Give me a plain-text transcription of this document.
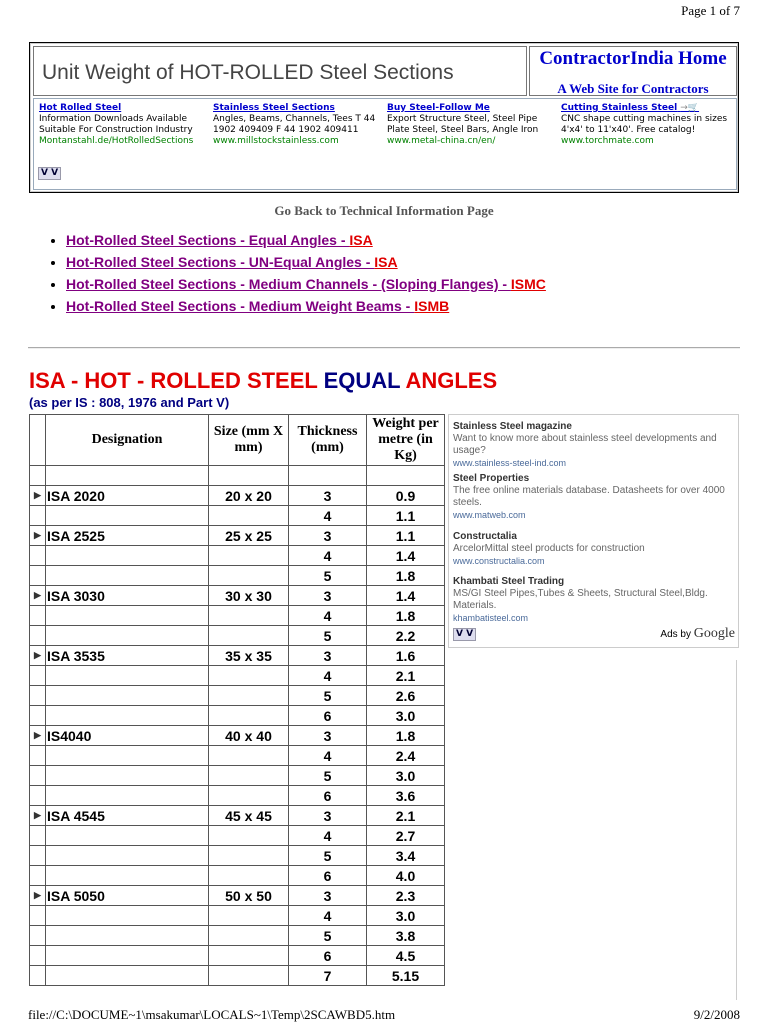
Page 1 of 7
Unit Weight of HOT-ROLLED Steel Sections
ContractorIndia Home
A Web Site for Contractors
Hot Rolled Steel
Information Downloads Available Suitable For Construction Industry
Montanstahl.de/HotRolledSections
Stainless Steel Sections
Angles, Beams, Channels, Tees T 44 1902 409409 F 44 1902 409411
www.millstockstainless.com
Buy Steel-Follow Me
Export Structure Steel, Steel Pipe Plate Steel, Steel Bars, Angle Iron
www.metal-china.cn/en/
Cutting Stainless Steel →🛒
CNC shape cutting machines in sizes 4'x4' to 11'x40'. Free catalog!
www.torchmate.com
V V
Go Back to Technical Information Page
• Hot-Rolled Steel Sections - Equal Angles - ISA
• Hot-Rolled Steel Sections - UN-Equal Angles - ISA
• Hot-Rolled Steel Sections - Medium Channels - (Sloping Flanges) - ISMC
• Hot-Rolled Steel Sections - Medium Weight Beams - ISMB
ISA - HOT - ROLLED STEEL EQUAL ANGLES
(as per IS : 808, 1976 and Part V)
	Designation	Size (mm X mm)	Thickness (mm)	Weight per metre (in Kg)

▶	ISA 2020	20 x 20	3	0.9
			4	1.1
▶	ISA 2525	25 x 25	3	1.1
			4	1.4
			5	1.8
▶	ISA 3030	30 x 30	3	1.4
			4	1.8
			5	2.2
▶	ISA 3535	35 x 35	3	1.6
			4	2.1
			5	2.6
			6	3.0
▶	IS4040	40 x 40	3	1.8
			4	2.4
			5	3.0
			6	3.6
▶	ISA 4545	45 x 45	3	2.1
			4	2.7
			5	3.4
			6	4.0
▶	ISA 5050	50 x 50	3	2.3
			4	3.0
			5	3.8
			6	4.5
			7	5.15
Stainless Steel magazine
Want to know more about stainless steel developments and usage?
www.stainless-steel-ind.com
Steel Properties
The free online materials database. Datasheets for over 4000 steels.
www.matweb.com
Constructalia
ArcelorMittal steel products for construction
www.constructalia.com
Khambati Steel Trading
MS/GI Steel Pipes,Tubes & Sheets, Structural Steel,Bldg. Materials.
khambatisteel.com
V V	Ads by Google
file://C:\DOCUME~1\msakumar\LOCALS~1\Temp\2SCAWBD5.htm	9/2/2008
